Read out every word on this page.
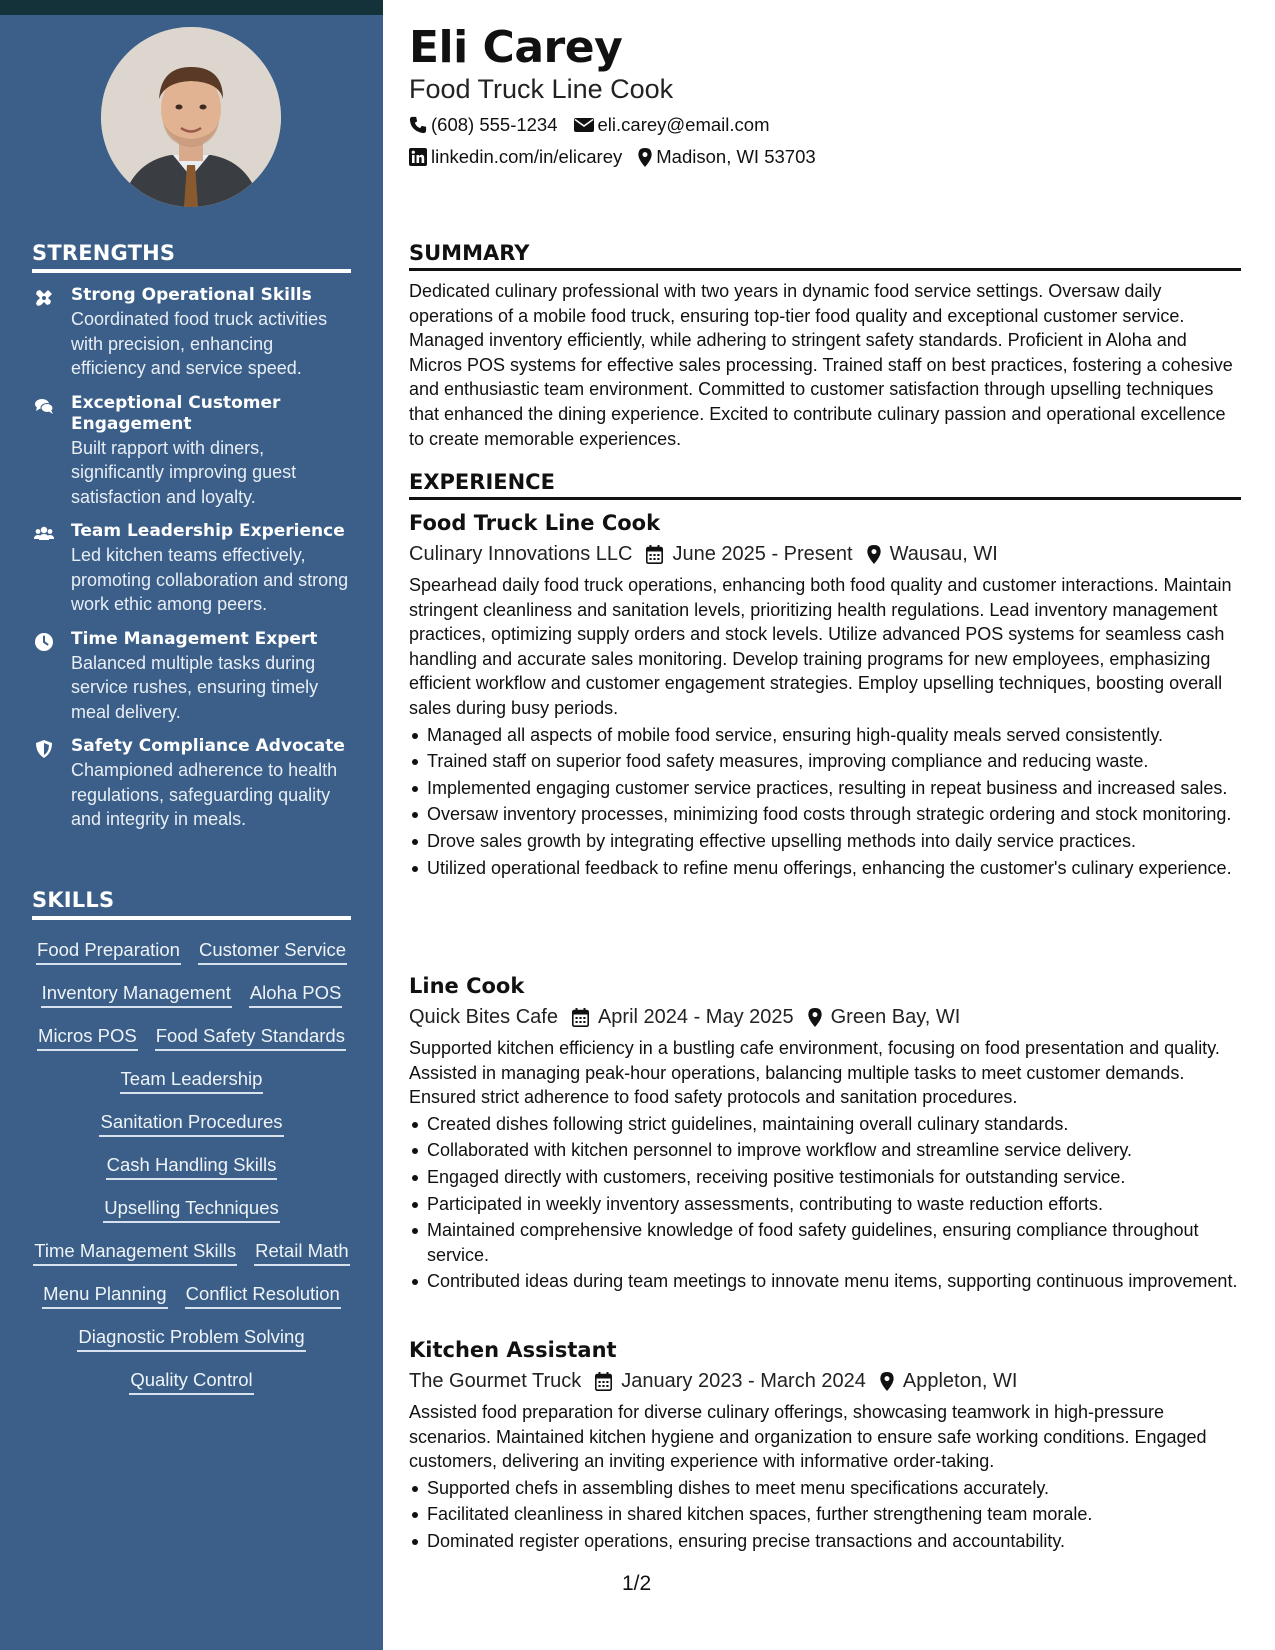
STRENGTHS
Strong Operational Skills
Coordinated food truck activities with precision, enhancing efficiency and service speed.
Exceptional Customer Engagement
Built rapport with diners, significantly improving guest satisfaction and loyalty.
Team Leadership Experience
Led kitchen teams effectively, promoting collaboration and strong work ethic among peers.
Time Management Expert
Balanced multiple tasks during service rushes, ensuring timely meal delivery.
Safety Compliance Advocate
Championed adherence to health regulations, safeguarding quality and integrity in meals.
SKILLS
Food Preparation Customer Service
Inventory Management Aloha POS
Micros POS Food Safety Standards
Team Leadership
Sanitation Procedures
Cash Handling Skills
Upselling Techniques
Time Management Skills Retail Math
Menu Planning Conflict Resolution
Diagnostic Problem Solving
Quality Control
Eli Carey
Food Truck Line Cook
(608) 555-1234 eli.carey@email.com
linkedin.com/in/elicarey Madison, WI 53703
SUMMARY
Dedicated culinary professional with two years in dynamic food service settings. Oversaw daily operations of a mobile food truck, ensuring top-tier food quality and exceptional customer service. Managed inventory efficiently, while adhering to stringent safety standards. Proficient in Aloha and Micros POS systems for effective sales processing. Trained staff on best practices, fostering a cohesive and enthusiastic team environment. Committed to customer satisfaction through upselling techniques that enhanced the dining experience. Excited to contribute culinary passion and operational excellence to create memorable experiences.
EXPERIENCE
Food Truck Line Cook
Culinary Innovations LLC June 2025 - Present Wausau, WI
Spearhead daily food truck operations, enhancing both food quality and customer interactions. Maintain stringent cleanliness and sanitation levels, prioritizing health regulations. Lead inventory management practices, optimizing supply orders and stock levels. Utilize advanced POS systems for seamless cash handling and accurate sales monitoring. Develop training programs for new employees, emphasizing efficient workflow and customer engagement strategies. Employ upselling techniques, boosting overall sales during busy periods.
Managed all aspects of mobile food service, ensuring high-quality meals served consistently.
Trained staff on superior food safety measures, improving compliance and reducing waste.
Implemented engaging customer service practices, resulting in repeat business and increased sales.
Oversaw inventory processes, minimizing food costs through strategic ordering and stock monitoring.
Drove sales growth by integrating effective upselling methods into daily service practices.
Utilized operational feedback to refine menu offerings, enhancing the customer's culinary experience.
Line Cook
Quick Bites Cafe April 2024 - May 2025 Green Bay, WI
Supported kitchen efficiency in a bustling cafe environment, focusing on food presentation and quality. Assisted in managing peak-hour operations, balancing multiple tasks to meet customer demands. Ensured strict adherence to food safety protocols and sanitation procedures.
Created dishes following strict guidelines, maintaining overall culinary standards.
Collaborated with kitchen personnel to improve workflow and streamline service delivery.
Engaged directly with customers, receiving positive testimonials for outstanding service.
Participated in weekly inventory assessments, contributing to waste reduction efforts.
Maintained comprehensive knowledge of food safety guidelines, ensuring compliance throughout service.
Contributed ideas during team meetings to innovate menu items, supporting continuous improvement.
Kitchen Assistant
The Gourmet Truck January 2023 - March 2024 Appleton, WI
Assisted food preparation for diverse culinary offerings, showcasing teamwork in high-pressure scenarios. Maintained kitchen hygiene and organization to ensure safe working conditions. Engaged customers, delivering an inviting experience with informative order-taking.
Supported chefs in assembling dishes to meet menu specifications accurately.
Facilitated cleanliness in shared kitchen spaces, further strengthening team morale.
Dominated register operations, ensuring precise transactions and accountability.
1/2
